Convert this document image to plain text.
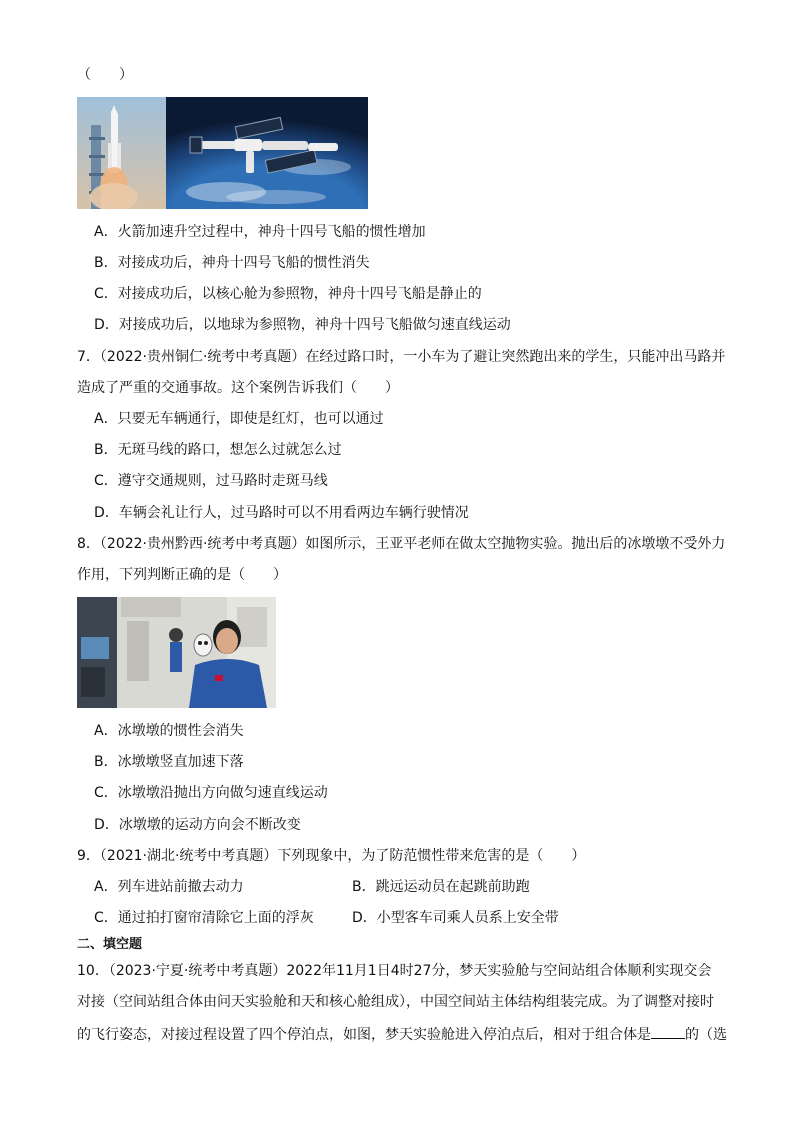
（　　）
A．火箭加速升空过程中，神舟十四号飞船的惯性增加
B．对接成功后，神舟十四号飞船的惯性消失
C．对接成功后，以核心舱为参照物，神舟十四号飞船是静止的
D．对接成功后，以地球为参照物，神舟十四号飞船做匀速直线运动
7．（2022·贵州铜仁·统考中考真题）在经过路口时，一小车为了避让突然跑出来的学生，只能冲出马路并
造成了严重的交通事故。这个案例告诉我们（　　）
A．只要无车辆通行，即使是红灯，也可以通过
B．无斑马线的路口，想怎么过就怎么过
C．遵守交通规则，过马路时走斑马线
D．车辆会礼让行人，过马路时可以不用看两边车辆行驶情况
8．（2022·贵州黔西·统考中考真题）如图所示，王亚平老师在做太空抛物实验。抛出后的冰墩墩不受外力
作用，下列判断正确的是（　　）
A．冰墩墩的惯性会消失
B．冰墩墩竖直加速下落
C．冰墩墩沿抛出方向做匀速直线运动
D．冰墩墩的运动方向会不断改变
9．（2021·湖北·统考中考真题）下列现象中，为了防范惯性带来危害的是（　　）
A．列车进站前撤去动力	B．跳远运动员在起跳前助跑
C．通过拍打窗帘清除它上面的浮灰	D．小型客车司乘人员系上安全带
二、填空题
10．（2023·宁夏·统考中考真题）2022年11月1日4时27分，梦天实验舱与空间站组合体顺利实现交会
对接（空间站组合体由问天实验舱和天和核心舱组成），中国空间站主体结构组装完成。为了调整对接时
的飞行姿态，对接过程设置了四个停泊点，如图，梦天实验舱进入停泊点后，相对于组合体是 的（选
